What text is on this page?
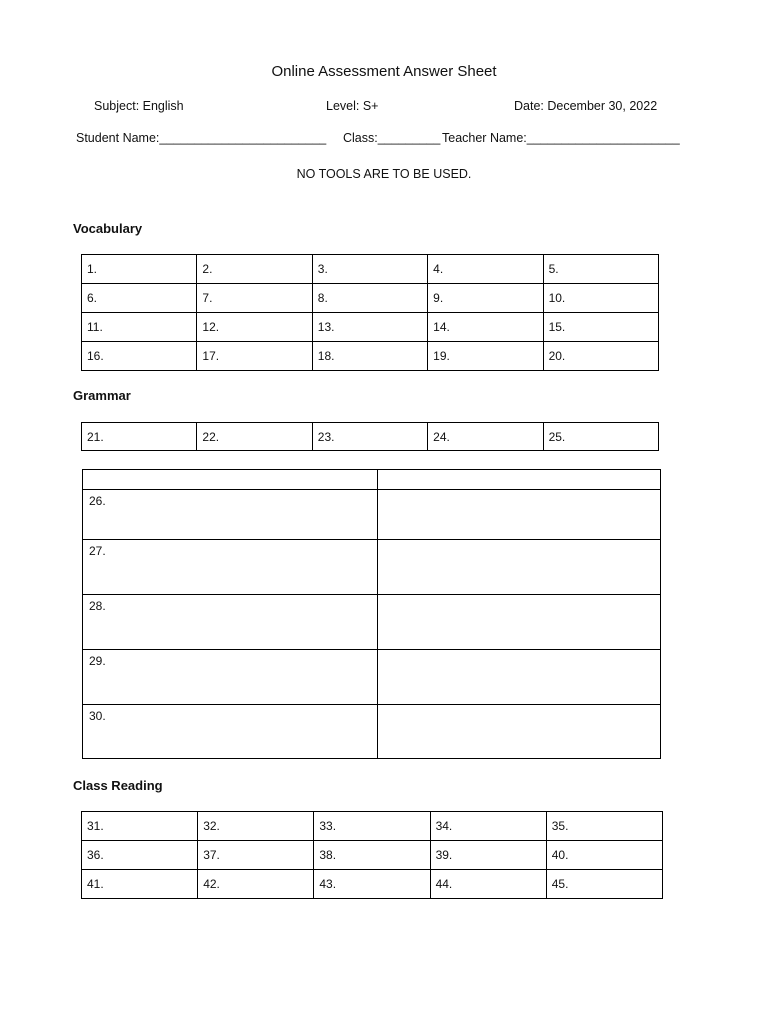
Online Assessment Answer Sheet
Subject: English	Level: S+	Date: December 30, 2022
Student Name:________________________ Class:_________ Teacher Name:______________________
NO TOOLS ARE TO BE USED.
Vocabulary
1.	2.	3.	4.	5.
6.	7.	8.	9.	10.
11.	12.	13.	14.	15.
16.	17.	18.	19.	20.
Grammar
21.	22.	23.	24.	25.

26.	
27.	
28.	
29.	
30.	
Class Reading
31.	32.	33.	34.	35.
36.	37.	38.	39.	40.
41.	42.	43.	44.	45.
